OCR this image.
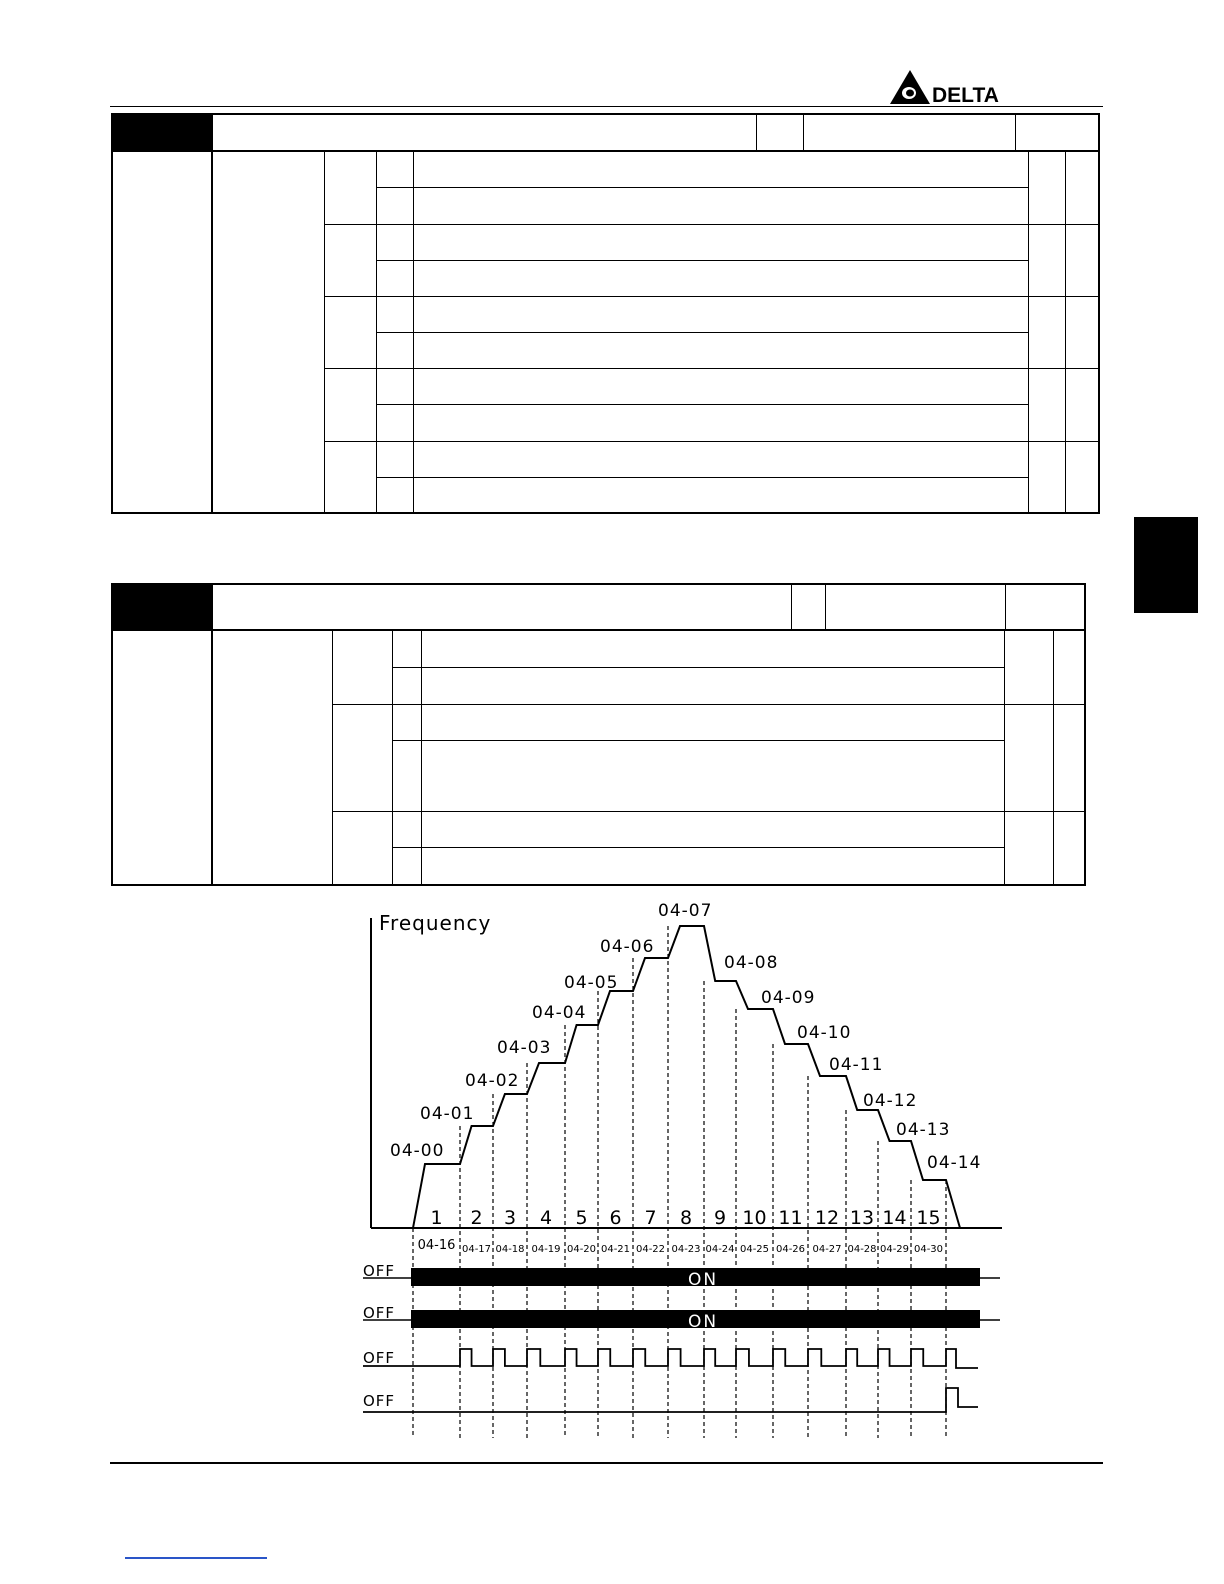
DELTA
Frequency
04-00
04-01
04-02
04-03
04-04
04-05
04-06
04-07
04-08
04-09
04-10
04-11
04-12
04-13
04-14
1 2 3 4 5 6 7 8 9 10 11 12 13 14 15
04-16 04-17 04-18 04-19 04-20 04-21 04-22 04-23 04-24 04-25 04-26 04-27 04-28 04-29 04-30
OFF
OFF
OFF
OFF
ON
ON
